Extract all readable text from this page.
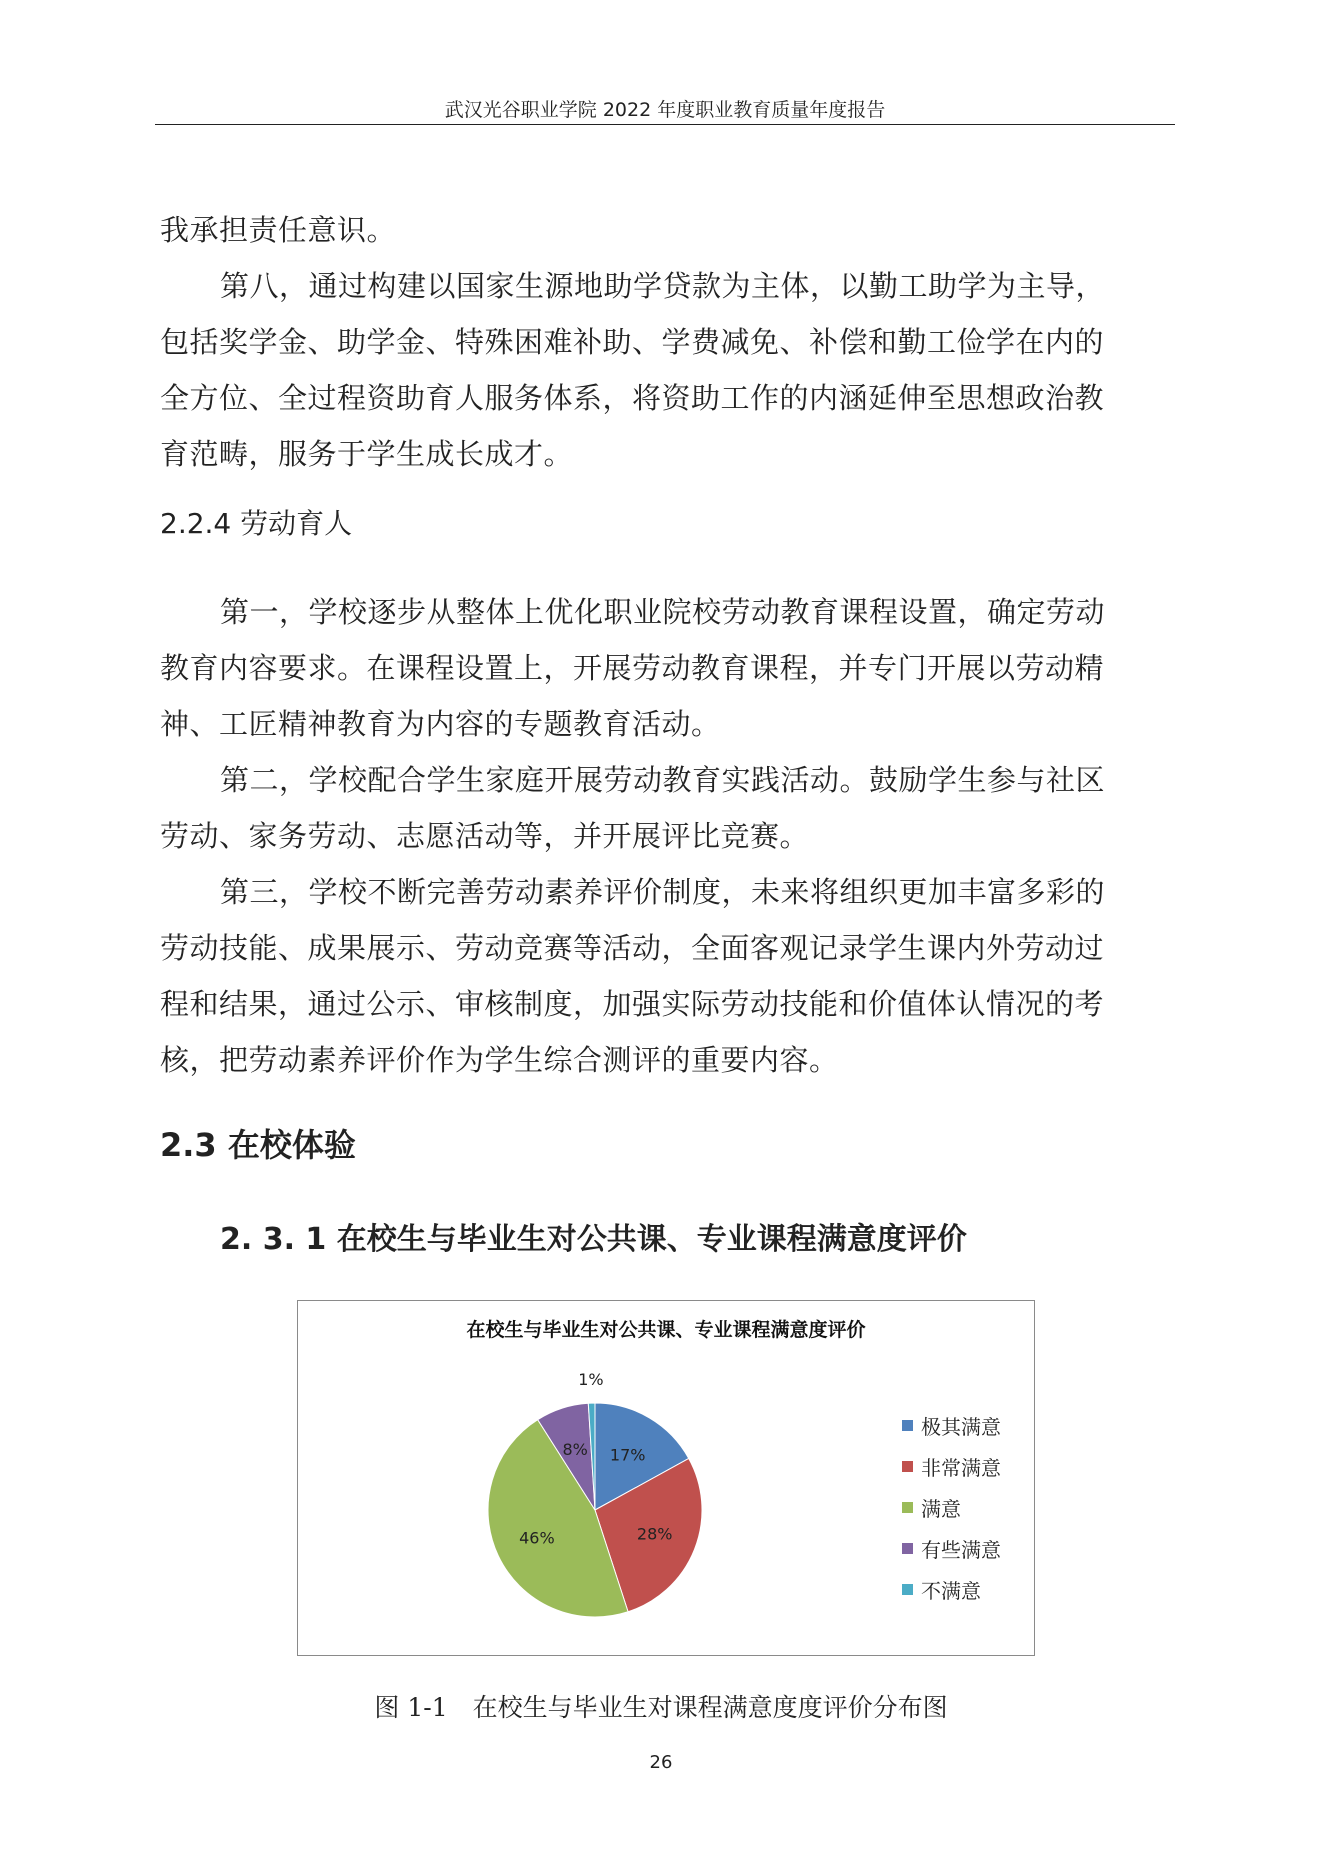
武汉光谷职业学院 2022 年度职业教育质量年度报告

我承担责任意识。

第八，通过构建以国家生源地助学贷款为主体，以勤工助学为主导，
包括奖学金、助学金、特殊困难补助、学费减免、补偿和勤工俭学在内的
全方位、全过程资助育人服务体系，将资助工作的内涵延伸至思想政治教
育范畴，服务于学生成长成才。

2.2.4 劳动育人

第一，学校逐步从整体上优化职业院校劳动教育课程设置，确定劳动
教育内容要求。在课程设置上，开展劳动教育课程，并专门开展以劳动精
神、工匠精神教育为内容的专题教育活动。

第二，学校配合学生家庭开展劳动教育实践活动。鼓励学生参与社区
劳动、家务劳动、志愿活动等，并开展评比竞赛。

第三，学校不断完善劳动素养评价制度，未来将组织更加丰富多彩的
劳动技能、成果展示、劳动竞赛等活动，全面客观记录学生课内外劳动过
程和结果，通过公示、审核制度，加强实际劳动技能和价值体认情况的考
核，把劳动素养评价作为学生综合测评的重要内容。

2.3 在校体验
2. 3. 1 在校生与毕业生对公共课、专业课程满意度评价
在校生与毕业生对公共课、专业课程满意度评价
17%
28%
46%
8%
1%
极其满意
非常满意
满意
有些满意
不满意
图 1-1　在校生与毕业生对课程满意度度评价分布图
26
